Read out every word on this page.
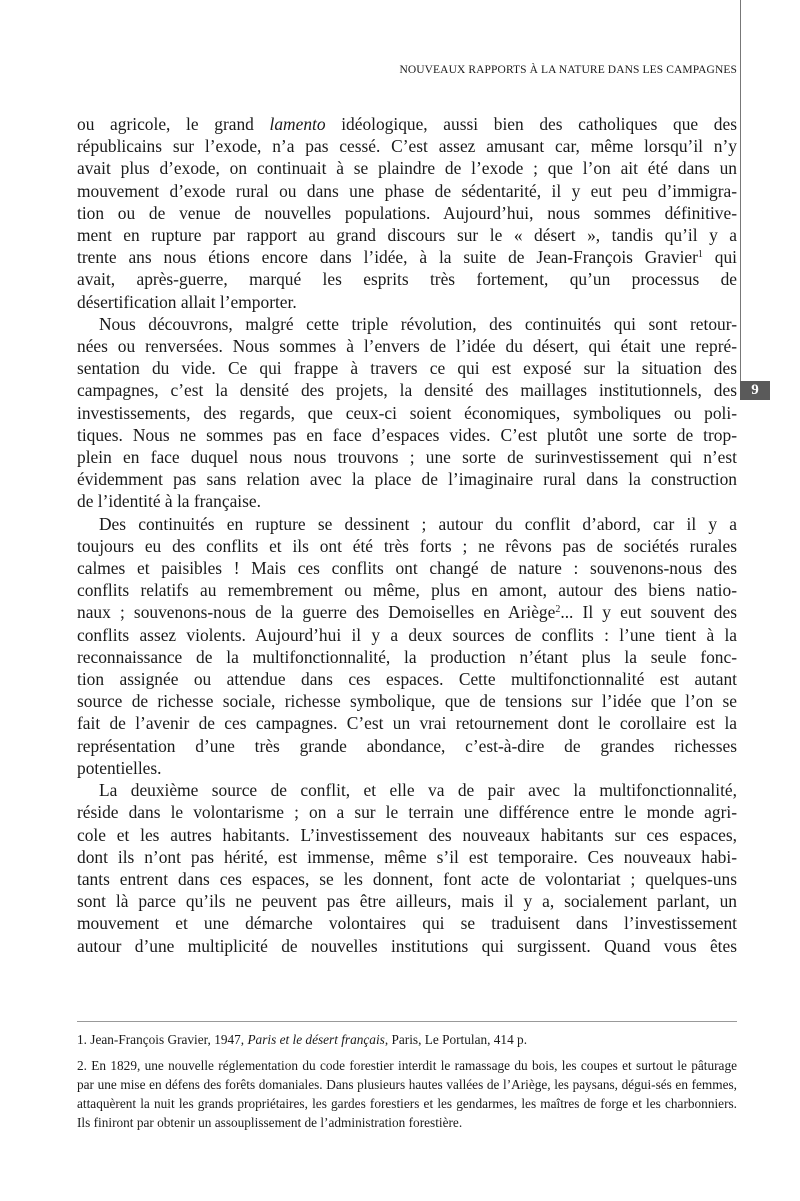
9
NOUVEAUX RAPPORTS À LA NATURE DANS LES CAMPAGNES
ou agricole, le grand lamento idéologique, aussi bien des catholiques que des
républicains sur l’exode, n’a pas cessé. C’est assez amusant car, même lorsqu’il n’y
avait plus d’exode, on continuait à se plaindre de l’exode ; que l’on ait été dans un
mouvement d’exode rural ou dans une phase de sédentarité, il y eut peu d’immigra-
tion ou de venue de nouvelles populations. Aujourd’hui, nous sommes définitive-
ment en rupture par rapport au grand discours sur le « désert », tandis qu’il y a
trente ans nous étions encore dans l’idée, à la suite de Jean-François Gravier$^1$ qui
avait, après-guerre, marqué les esprits très fortement, qu’un processus de
désertification allait l’emporter.
Nous découvrons, malgré cette triple révolution, des continuités qui sont retour-
nées ou renversées. Nous sommes à l’envers de l’idée du désert, qui était une repré-
sentation du vide. Ce qui frappe à travers ce qui est exposé sur la situation des
campagnes, c’est la densité des projets, la densité des maillages institutionnels, des
investissements, des regards, que ceux-ci soient économiques, symboliques ou poli-
tiques. Nous ne sommes pas en face d’espaces vides. C’est plutôt une sorte de trop-
plein en face duquel nous nous trouvons ; une sorte de surinvestissement qui n’est
évidemment pas sans relation avec la place de l’imaginaire rural dans la construction
de l’identité à la française.
Des continuités en rupture se dessinent ; autour du conflit d’abord, car il y a
toujours eu des conflits et ils ont été très forts ; ne rêvons pas de sociétés rurales
calmes et paisibles ! Mais ces conflits ont changé de nature : souvenons-nous des
conflits relatifs au remembrement ou même, plus en amont, autour des biens natio-
naux ; souvenons-nous de la guerre des Demoiselles en Ariège$^2$... Il y eut souvent des
conflits assez violents. Aujourd’hui il y a deux sources de conflits : l’une tient à la
reconnaissance de la multifonctionnalité, la production n’étant plus la seule fonc-
tion assignée ou attendue dans ces espaces. Cette multifonctionnalité est autant
source de richesse sociale, richesse symbolique, que de tensions sur l’idée que l’on se
fait de l’avenir de ces campagnes. C’est un vrai retournement dont le corollaire est la
représentation d’une très grande abondance, c’est-à-dire de grandes richesses
potentielles.
La deuxième source de conflit, et elle va de pair avec la multifonctionnalité,
réside dans le volontarisme ; on a sur le terrain une différence entre le monde agri-
cole et les autres habitants. L’investissement des nouveaux habitants sur ces espaces,
dont ils n’ont pas hérité, est immense, même s’il est temporaire. Ces nouveaux habi-
tants entrent dans ces espaces, se les donnent, font acte de volontariat ; quelques-uns
sont là parce qu’ils ne peuvent pas être ailleurs, mais il y a, socialement parlant, un
mouvement et une démarche volontaires qui se traduisent dans l’investissement
autour d’une multiplicité de nouvelles institutions qui surgissent. Quand vous êtes
1. Jean-François Gravier, 1947, Paris et le désert français, Paris, Le Portulan, 414 p.
2. En 1829, une nouvelle réglementation du code forestier interdit le ramassage du bois, les coupes et surtout le pâturage par une mise en défens des forêts domaniales. Dans plusieurs hautes vallées de l’Ariège, les paysans, dégui-sés en femmes, attaquèrent la nuit les grands propriétaires, les gardes forestiers et les gendarmes, les maîtres de forge et les charbonniers. Ils finiront par obtenir un assouplissement de l’administration forestière.
